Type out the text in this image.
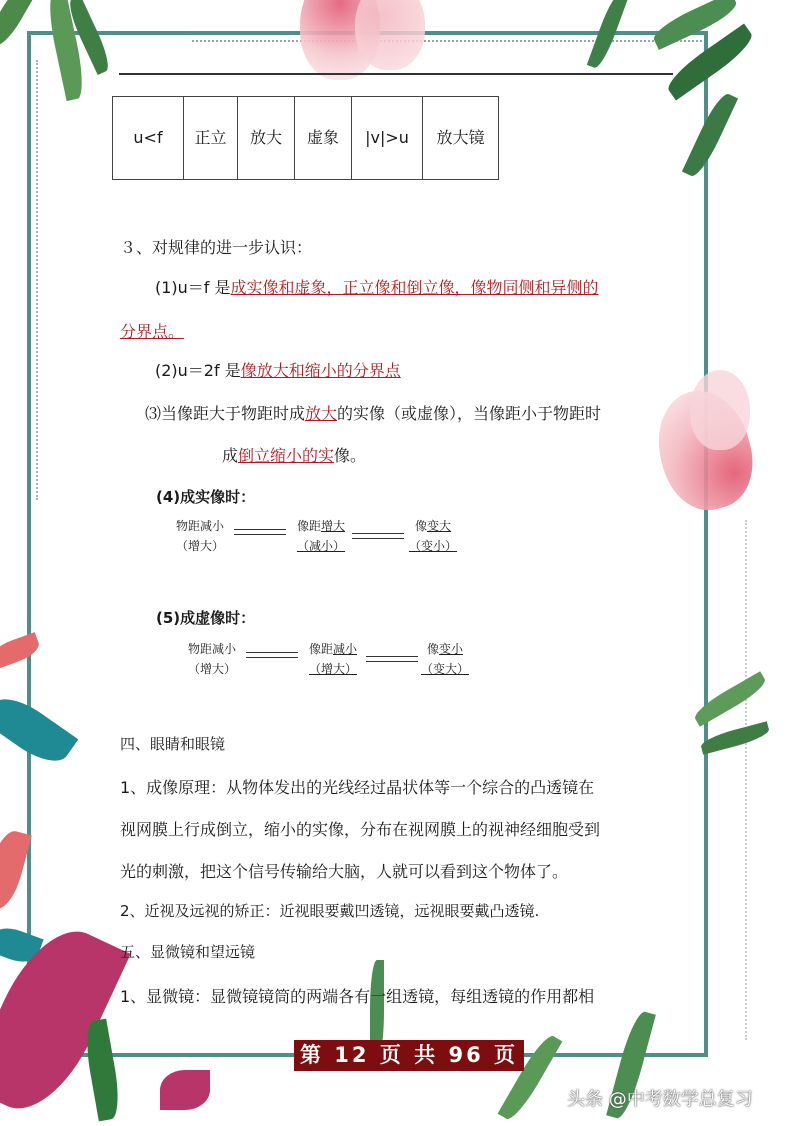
u<f	正立	放大	虚象	|v|>u	放大镜
３、对规律的进一步认识：
(1)u＝f 是成实像和虚象，正立像和倒立像，像物同侧和异侧的
分界点。
(2)u＝2f 是像放大和缩小的分界点
⑶当像距大于物距时成放大的实像（或虚像），当像距小于物距时
成倒立缩小的实像。
(4)成实像时：
物距减小
（增大）
像距增大
（减小）
像变大
（变小）
(5)成虚像时：
物距减小
（增大）
像距减小
（增大）
像变小
（变大）
四、眼睛和眼镜
1、成像原理：从物体发出的光线经过晶状体等一个综合的凸透镜在
视网膜上行成倒立，缩小的实像，分布在视网膜上的视神经细胞受到
光的刺激，把这个信号传输给大脑，人就可以看到这个物体了。
2、近视及远视的矫正：近视眼要戴凹透镜，远视眼要戴凸透镜.
五、显微镜和望远镜
1、显微镜：显微镜镜筒的两端各有一组透镜，每组透镜的作用都相
第 12 页 共 96 页
头条 @中考数学总复习
